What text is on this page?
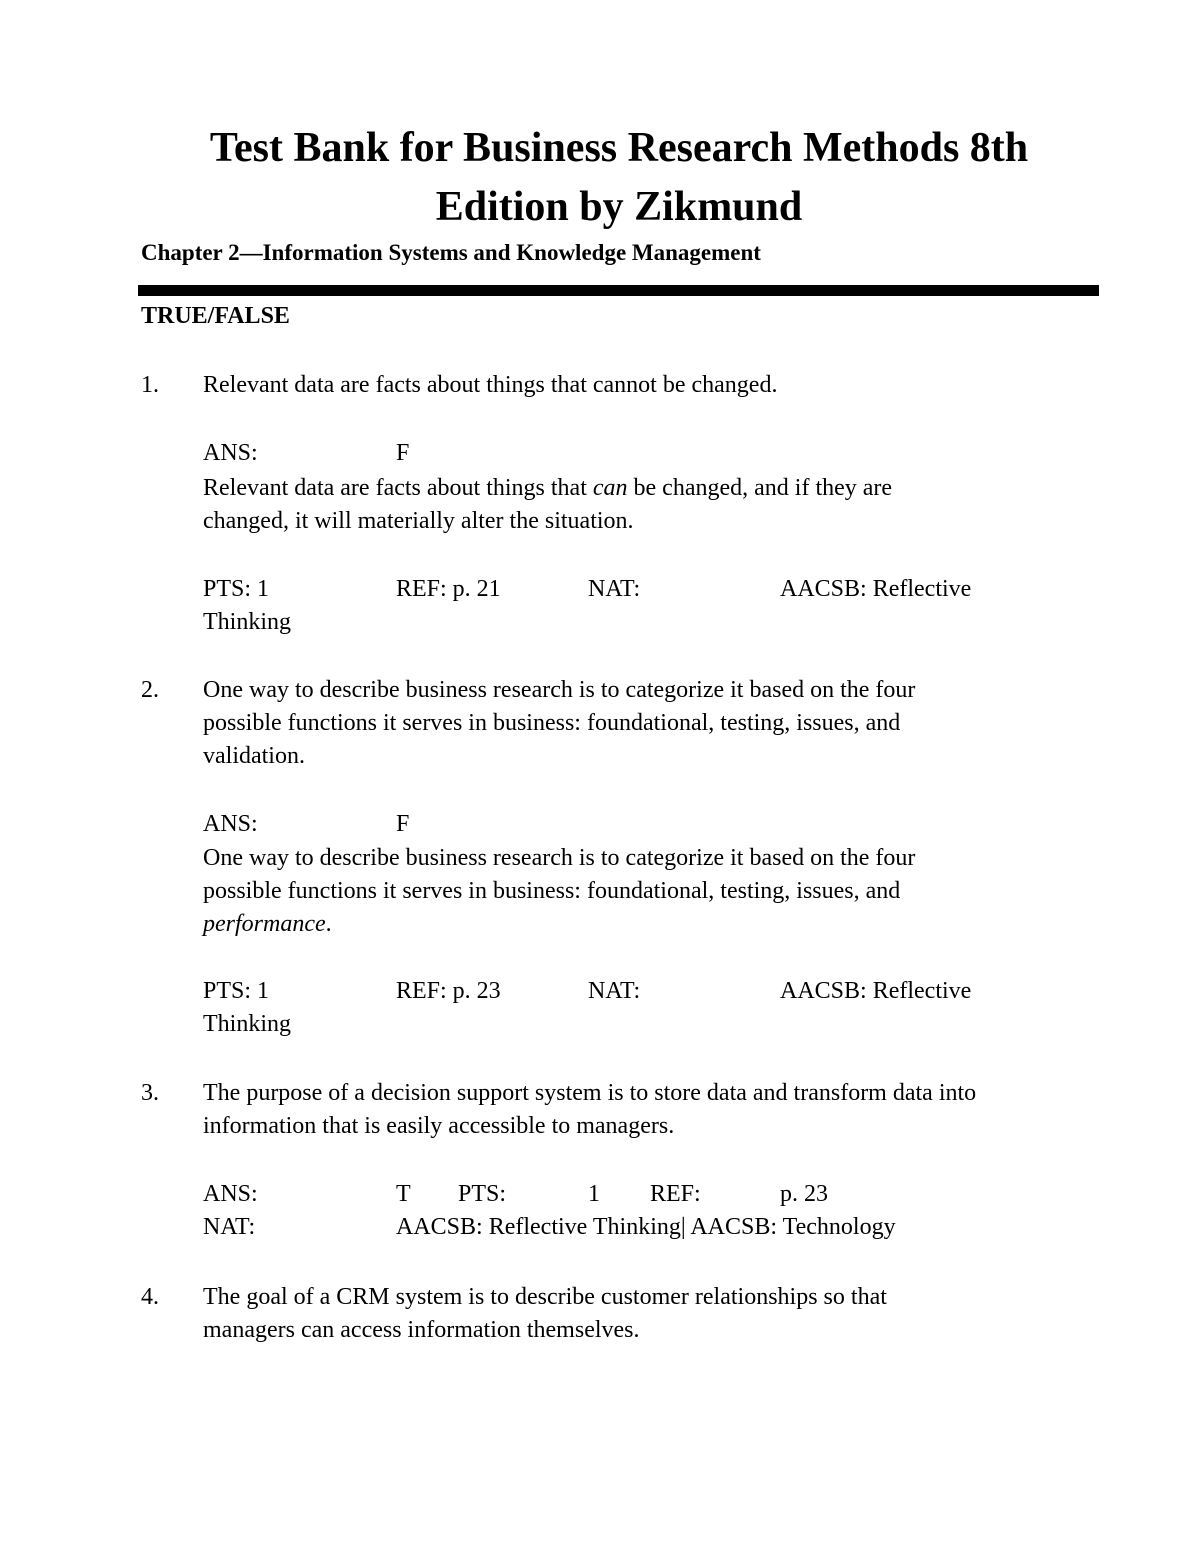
Test Bank for Business Research Methods 8th
Edition by Zikmund
Chapter 2—Information Systems and Knowledge Management
TRUE/FALSE
1. Relevant data are facts about things that cannot be changed.
ANS:	F
Relevant data are facts about things that can be changed, and if they are
changed, it will materially alter the situation.
PTS: 1	REF: p. 21	NAT:	AACSB: Reflective
Thinking
2. One way to describe business research is to categorize it based on the four
possible functions it serves in business: foundational, testing, issues, and
validation.
ANS:	F
One way to describe business research is to categorize it based on the four
possible functions it serves in business: foundational, testing, issues, and
performance.
PTS: 1	REF: p. 23	NAT:	AACSB: Reflective
Thinking
3. The purpose of a decision support system is to store data and transform data into
information that is easily accessible to managers.
ANS:	T PTS:	1 REF:	p. 23
NAT:	AACSB: Reflective Thinking| AACSB: Technology
4. The goal of a CRM system is to describe customer relationships so that
managers can access information themselves.
